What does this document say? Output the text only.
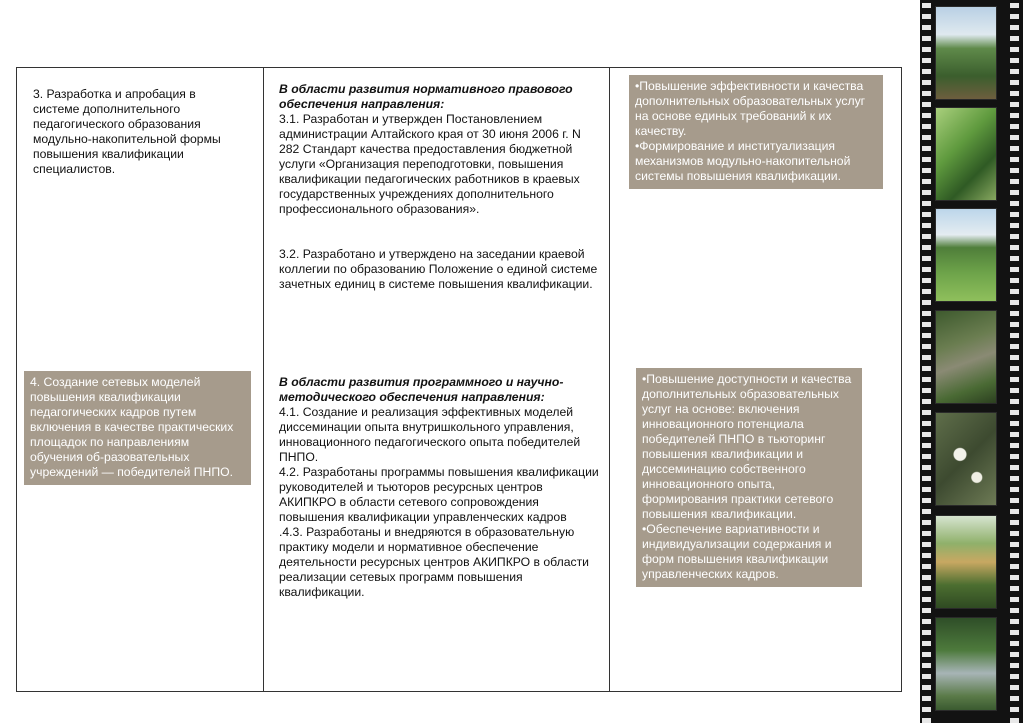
3. Разработка и апробация в системе дополнительного педагогического образования модульно-накопительной формы повышения квалификации специалистов.
В области развития нормативного правового обеспечения направления:
3.1. Разработан и утвержден Постановлением администрации Алтайского края от 30 июня 2006 г. N 282 Стандарт качества предоставления бюджетной услуги «Организация переподготовки, повышения квалификации педагогических работников в краевых государственных учреждениях дополнительного профессионального образования».
3.2. Разработано и утверждено на заседании краевой коллегии по образованию Положение о единой системе зачетных единиц в системе повышения квалификации.
•Повышение эффективности и качества дополнительных образовательных услуг на основе единых требований к их качеству.
•Формирование и институализация механизмов модульно-накопительной системы повышения квалификации.
4. Создание сетевых моделей повышения квалификации педагогических кадров путем включения в качестве практических площадок по направлениям обучения об-разовательных учреждений — победителей ПНПО.
В области развития программного и научно-методического обеспечения направления:
4.1. Создание и реализация эффективных моделей диссеминации опыта внутришкольного управления, инновационного педагогического опыта победителей ПНПО.
4.2. Разработаны программы повышения квалификации руководителей и тьюторов ресурсных центров АКИПКРО в области сетевого сопровождения повышения квалификации управленческих кадров
.4.3. Разработаны и внедряются в образовательную практику модели и нормативное обеспечение деятельности ресурсных центров АКИПКРО в области реализации сетевых программ повышения квалификации.
•Повышение доступности и качества дополнительных образовательных услуг на основе: включения инновационного потенциала победителей ПНПО в тьюторинг повышения квалификации и диссеминацию собственного инновационного опыта, формирования практики сетевого повышения квалификации.
•Обеспечение вариативности и индивидуализации содержания и форм повышения квалификации управленческих кадров.
